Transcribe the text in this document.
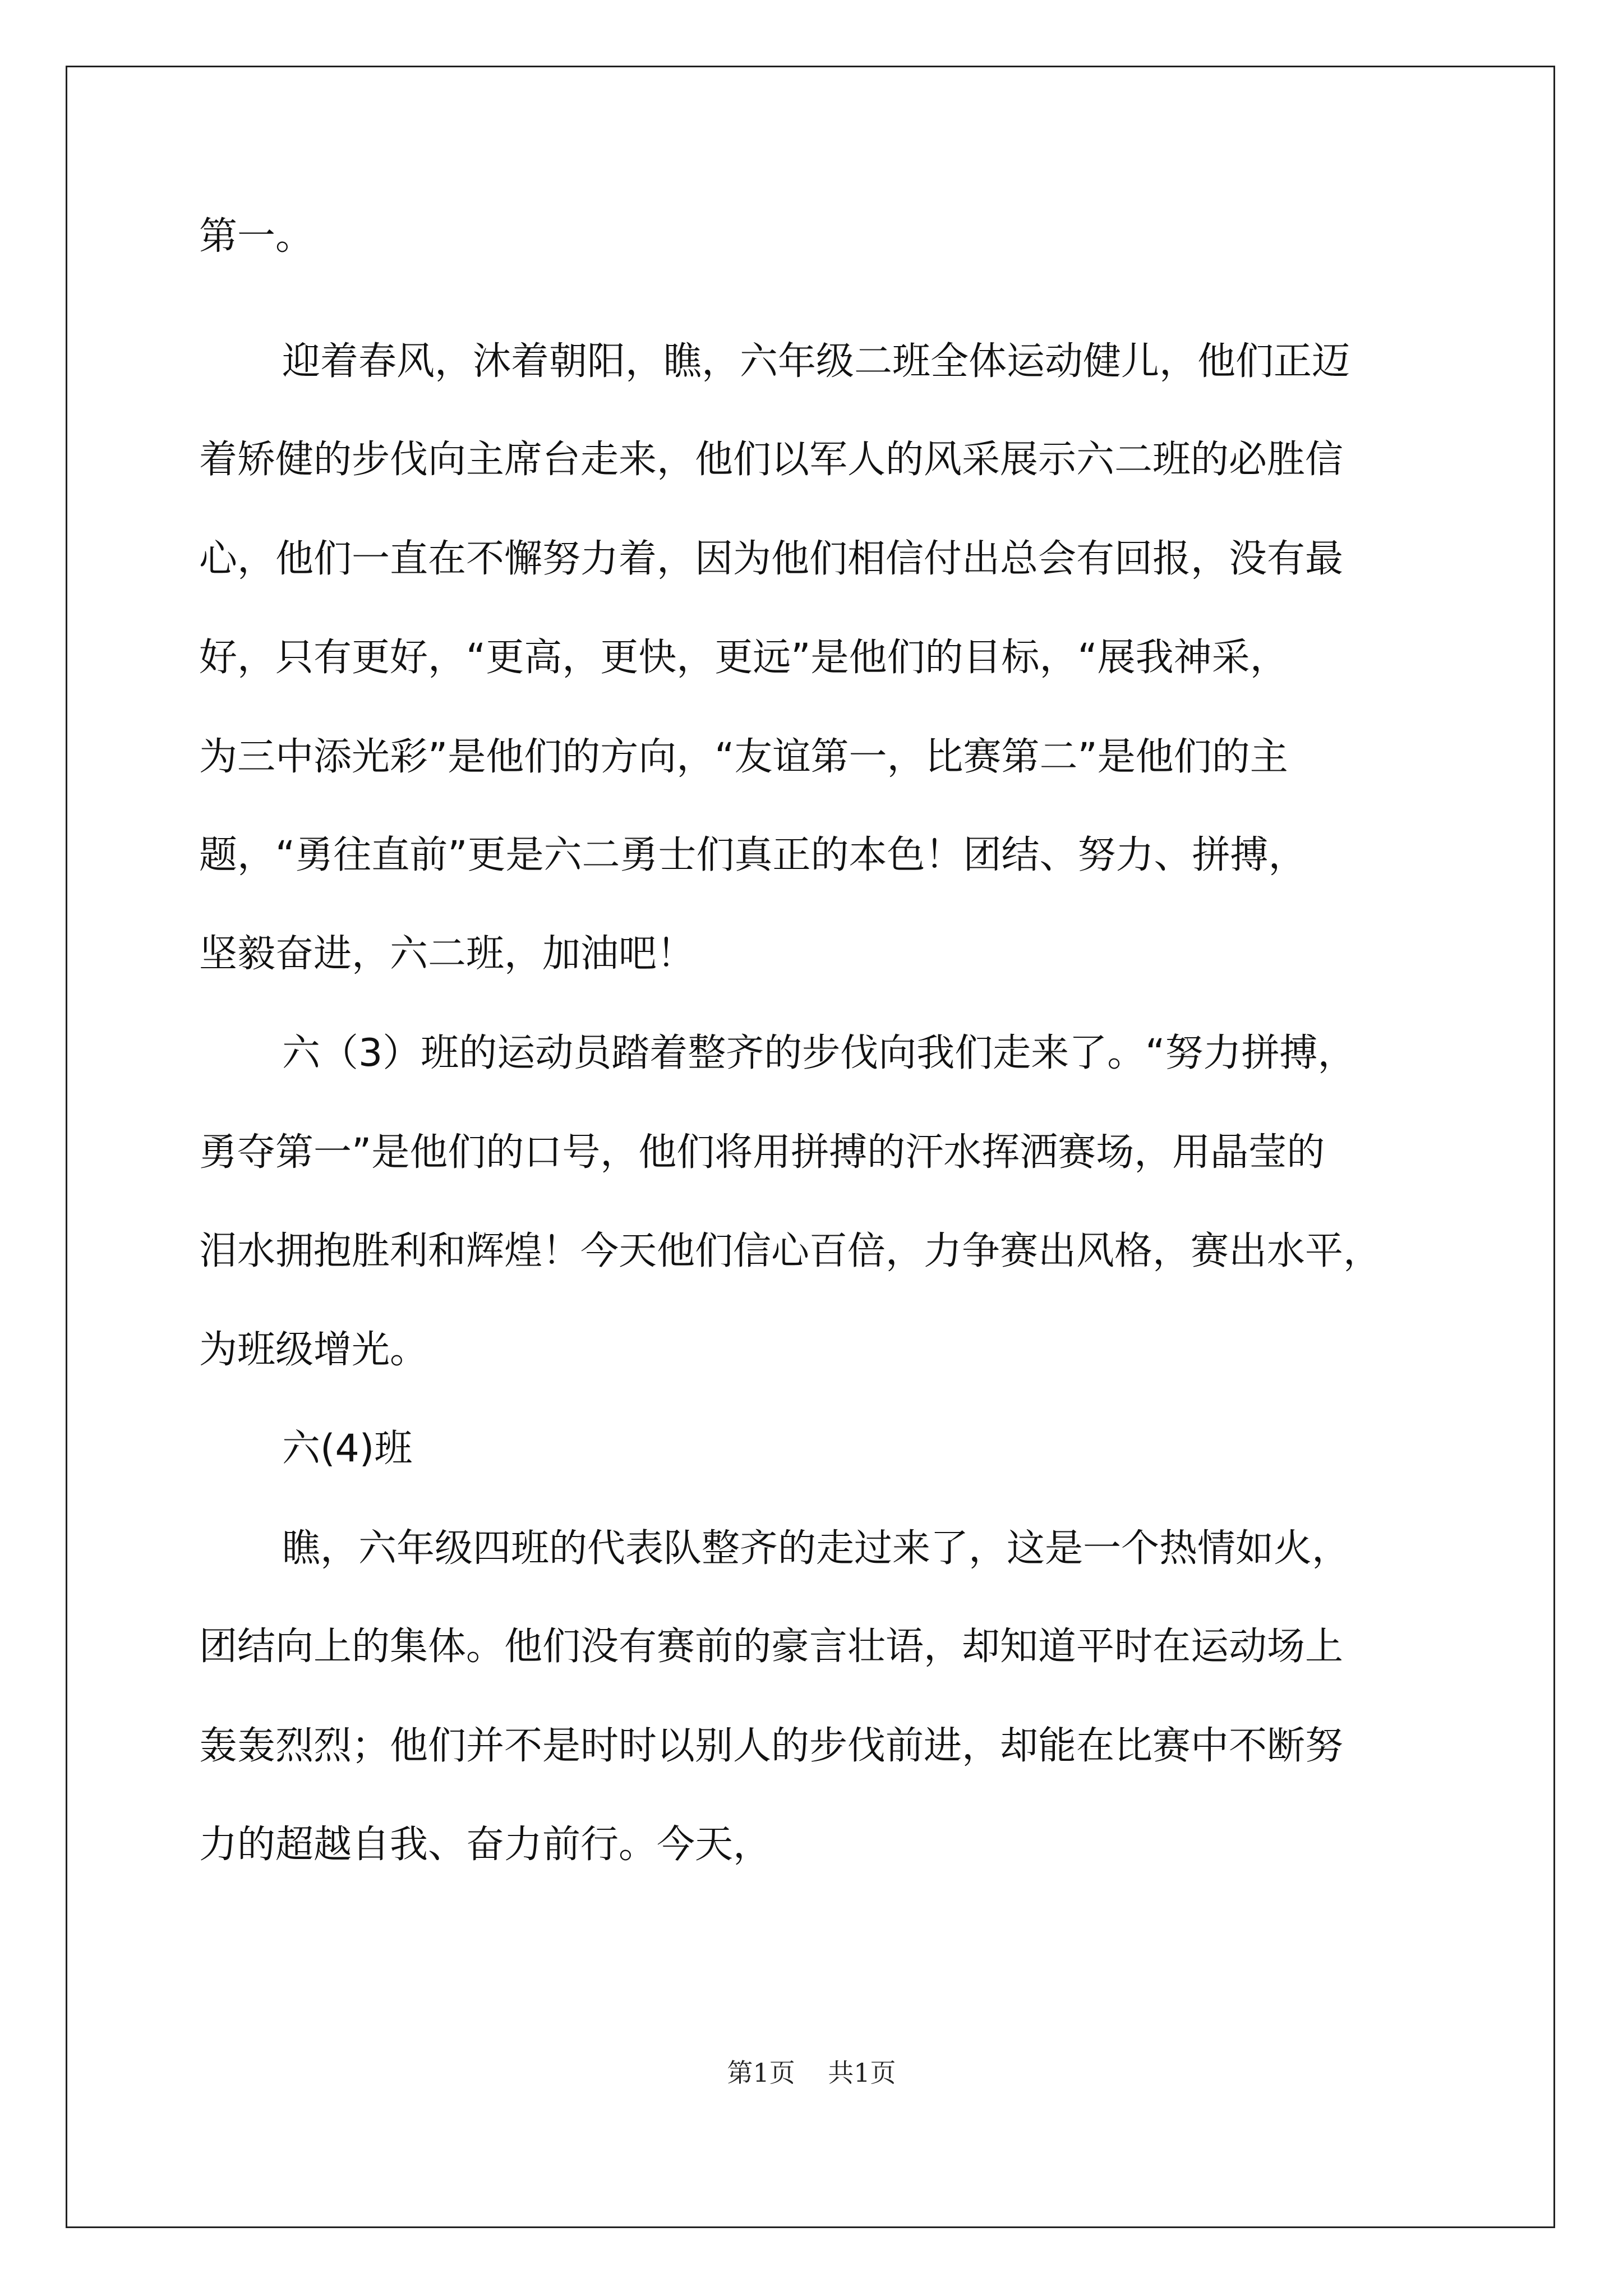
第一。
迎着春风，沐着朝阳，瞧，六年级二班全体运动健儿，他们正迈
着矫健的步伐向主席台走来，他们以军人的风采展示六二班的必胜信
心，他们一直在不懈努力着，因为他们相信付出总会有回报，没有最
好，只有更好，“更高，更快，更远”是他们的目标，“展我神采，
为三中添光彩”是他们的方向，“友谊第一，比赛第二”是他们的主
题，“勇往直前”更是六二勇士们真正的本色！团结、努力、拼搏，
坚毅奋进，六二班，加油吧！
六（3）班的运动员踏着整齐的步伐向我们走来了。“努力拼搏，
勇夺第一”是他们的口号，他们将用拼搏的汗水挥洒赛场，用晶莹的
泪水拥抱胜利和辉煌！今天他们信心百倍，力争赛出风格，赛出水平，
为班级增光。
六(4)班
瞧，六年级四班的代表队整齐的走过来了，这是一个热情如火，
团结向上的集体。他们没有赛前的豪言壮语，却知道平时在运动场上
轰轰烈烈；他们并不是时时以别人的步伐前进，却能在比赛中不断努
力的超越自我、奋力前行。今天，
第1页    共1页
